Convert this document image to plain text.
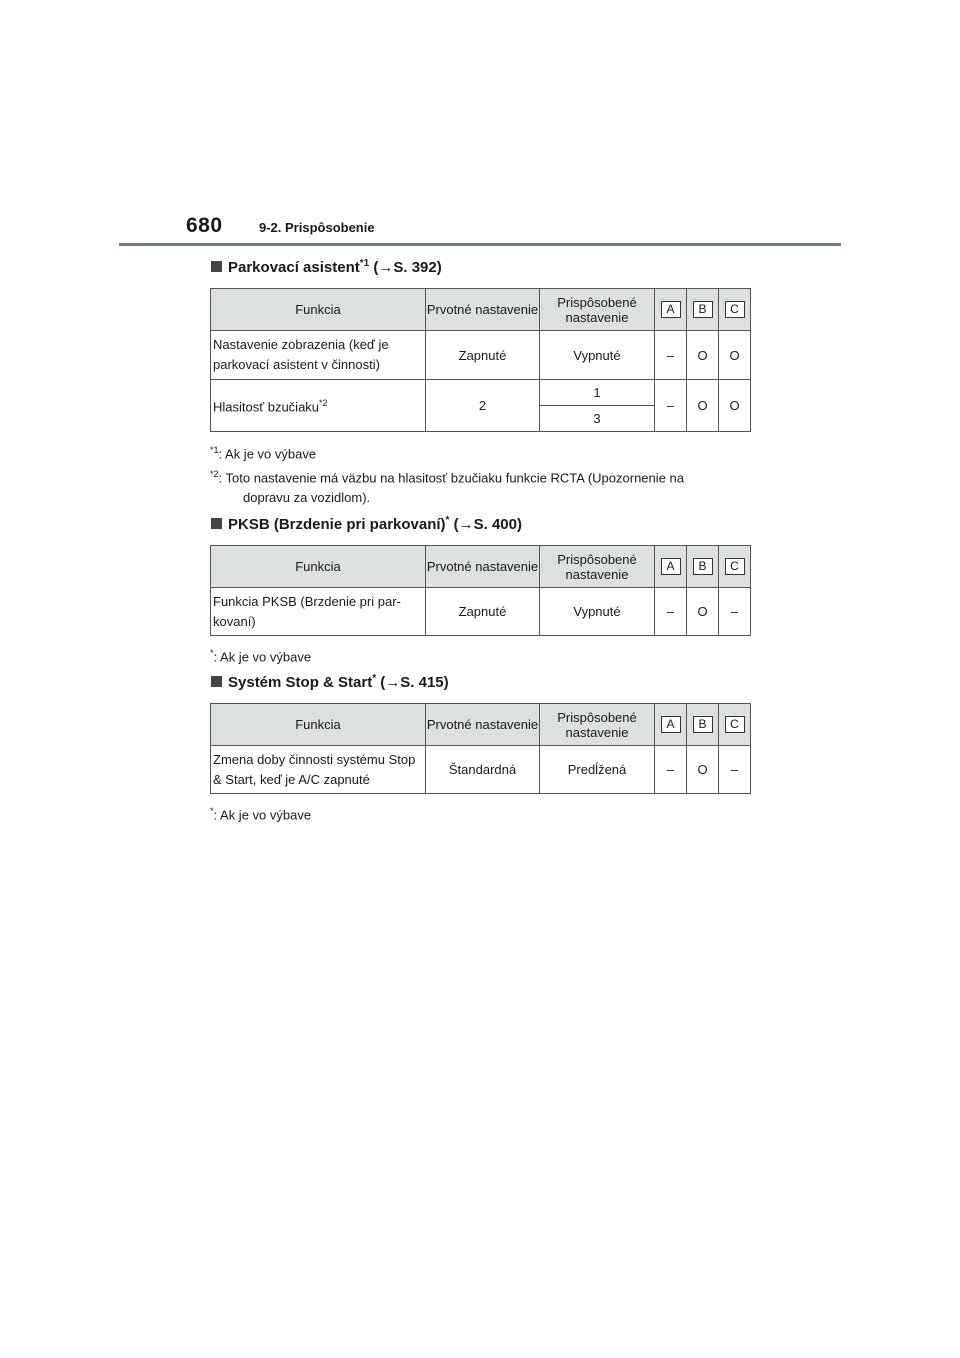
680	9-2. Prispôsobenie
Parkovací asistent$^{*1}$ (→S. 392)
Funkcia	Prvotné nastavenie	Prispôsobené nastavenie	A	B	C
Nastavenie zobrazenia (keď je parkovací asistent v činnosti)	Zapnuté	Vypnuté	–	O	O
Hlasitosť bzučiaku$^{*2}$	2	1	–	O	O
		3			
$^{*1}$: Ak je vo výbave
$^{*2}$: Toto nastavenie má väzbu na hlasitosť bzučiaku funkcie RCTA (Upozornenie na
dopravu za vozidlom).
PKSB (Brzdenie pri parkovaní)* (→S. 400)
Funkcia	Prvotné nastavenie	Prispôsobené nastavenie	A	B	C
Funkcia PKSB (Brzdenie pri par- kovaní)	Zapnuté	Vypnuté	–	O	–
*: Ak je vo výbave
Systém Stop & Start* (→S. 415)
Funkcia	Prvotné nastavenie	Prispôsobené nastavenie	A	B	C
Zmena doby činnosti systému Stop & Start, keď je A/C zapnuté	Štandardná	Predĺžená	–	O	–
*: Ak je vo výbave
